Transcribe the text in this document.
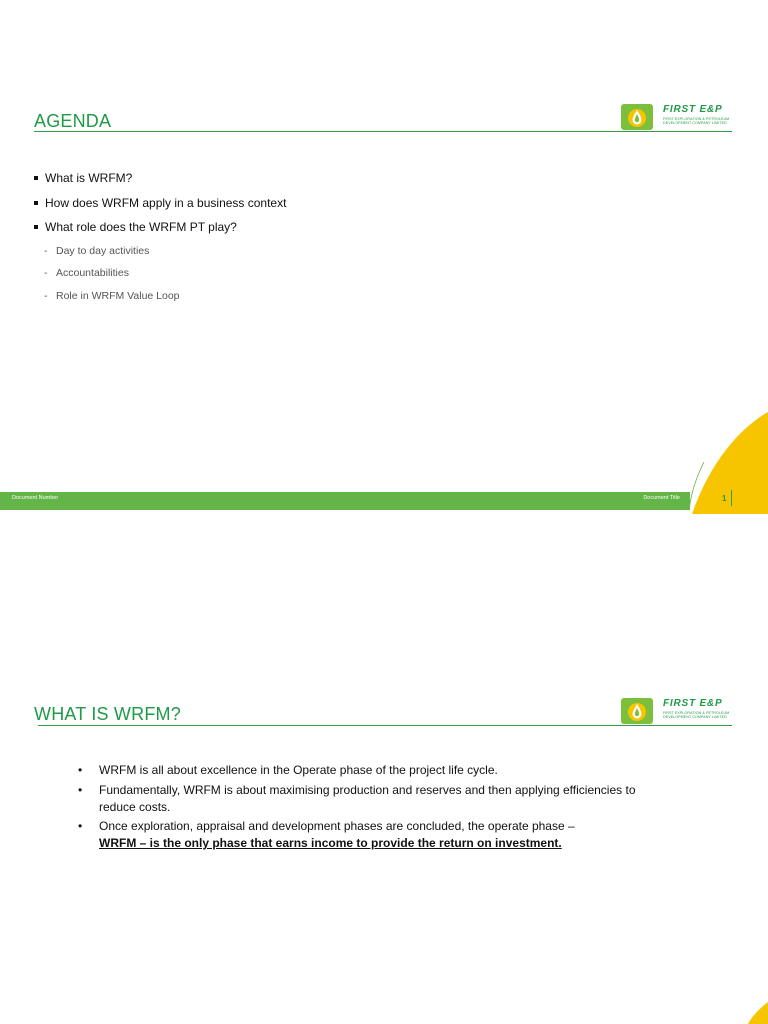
AGENDA
FIRST E&P
FIRST EXPLORATION & PETROLEUM DEVELOPMENT COMPANY LIMITED
What is WRFM?
How does WRFM apply in a business context
What role does the WRFM PT play?
- Day to day activities
- Accountabilities
- Role in WRFM Value Loop
Document Number	Document Title	1
WHAT IS WRFM?
FIRST E&P
FIRST EXPLORATION & PETROLEUM DEVELOPMENT COMPANY LIMITED
• WRFM is all about excellence in the Operate phase of the project life cycle.
• Fundamentally, WRFM is about maximising production and reserves and then applying efficiencies to reduce costs.
• Once exploration, appraisal and development phases are concluded, the operate phase –
WRFM – is the only phase that earns income to provide the return on investment.
